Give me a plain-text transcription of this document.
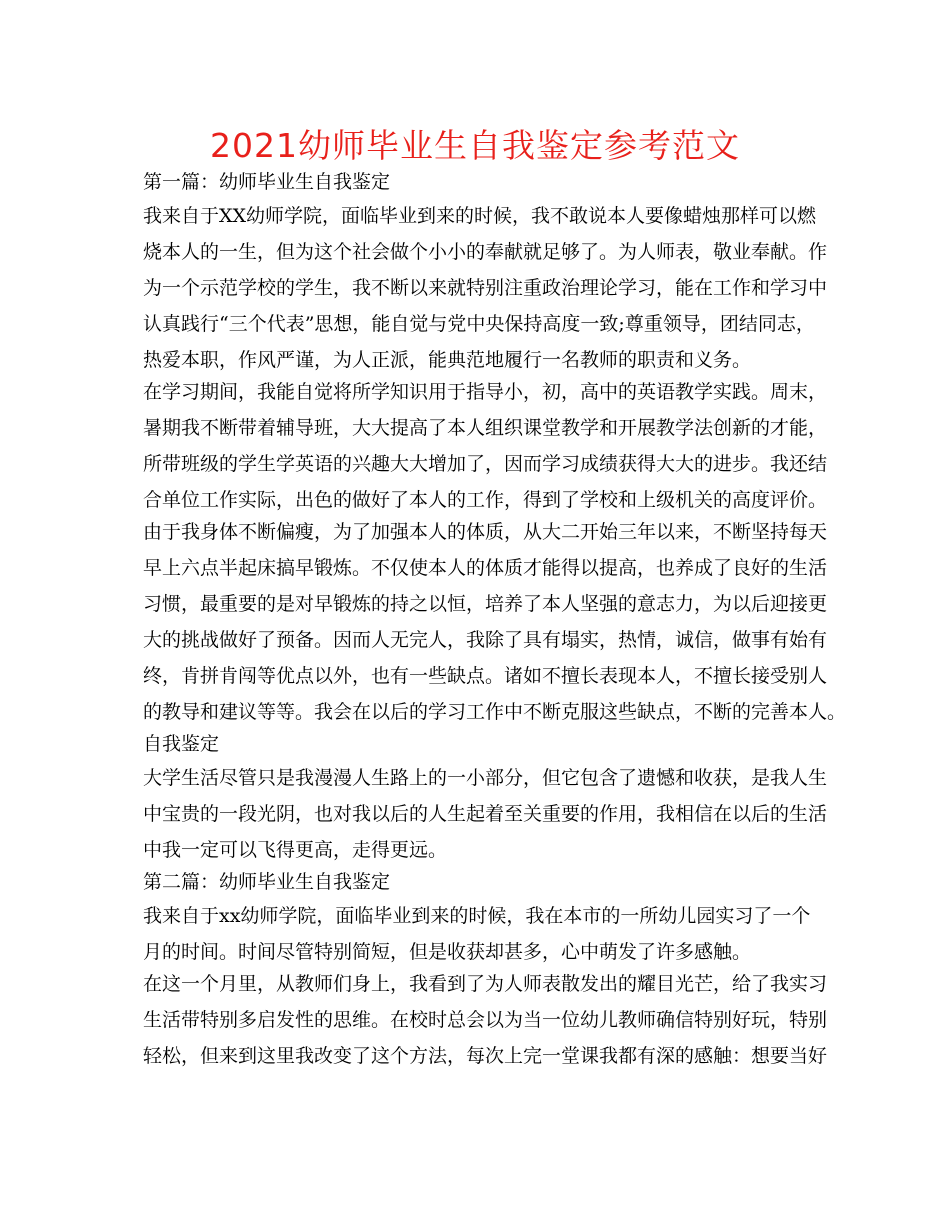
2021幼师毕业生自我鉴定参考范文

第一篇：幼师毕业生自我鉴定

我来自于XX幼师学院，面临毕业到来的时候，我不敢说本人要像蜡烛那样可以燃
烧本人的一生，但为这个社会做个小小的奉献就足够了。为人师表，敬业奉献。作
为一个示范学校的学生，我不断以来就特别注重政治理论学习，能在工作和学习中
认真践行“三个代表”思想，能自觉与党中央保持高度一致;尊重领导，团结同志，
热爱本职，作风严谨，为人正派，能典范地履行一名教师的职责和义务。

在学习期间，我能自觉将所学知识用于指导小，初，高中的英语教学实践。周末，
暑期我不断带着辅导班，大大提高了本人组织课堂教学和开展教学法创新的才能，
所带班级的学生学英语的兴趣大大增加了，因而学习成绩获得大大的进步。我还结
合单位工作实际，出色的做好了本人的工作，得到了学校和上级机关的高度评价。

由于我身体不断偏瘦，为了加强本人的体质，从大二开始三年以来，不断坚持每天
早上六点半起床搞早锻炼。不仅使本人的体质才能得以提高，也养成了良好的生活
习惯，最重要的是对早锻炼的持之以恒，培养了本人坚强的意志力，为以后迎接更
大的挑战做好了预备。因而人无完人，我除了具有塌实，热情，诚信，做事有始有
终，肯拼肯闯等优点以外，也有一些缺点。诸如不擅长表现本人，不擅长接受别人
的教导和建议等等。我会在以后的学习工作中不断克服这些缺点，不断的完善本人。

自我鉴定

大学生活尽管只是我漫漫人生路上的一小部分，但它包含了遗憾和收获，是我人生
中宝贵的一段光阴，也对我以后的人生起着至关重要的作用，我相信在以后的生活
中我一定可以飞得更高，走得更远。

第二篇：幼师毕业生自我鉴定

我来自于xx幼师学院，面临毕业到来的时候，我在本市的一所幼儿园实习了一个
月的时间。时间尽管特别简短，但是收获却甚多，心中萌发了许多感触。

在这一个月里，从教师们身上，我看到了为人师表散发出的耀目光芒，给了我实习
生活带特别多启发性的思维。在校时总会以为当一位幼儿教师确信特别好玩，特别
轻松，但来到这里我改变了这个方法，每次上完一堂课我都有深的感触：想要当好
